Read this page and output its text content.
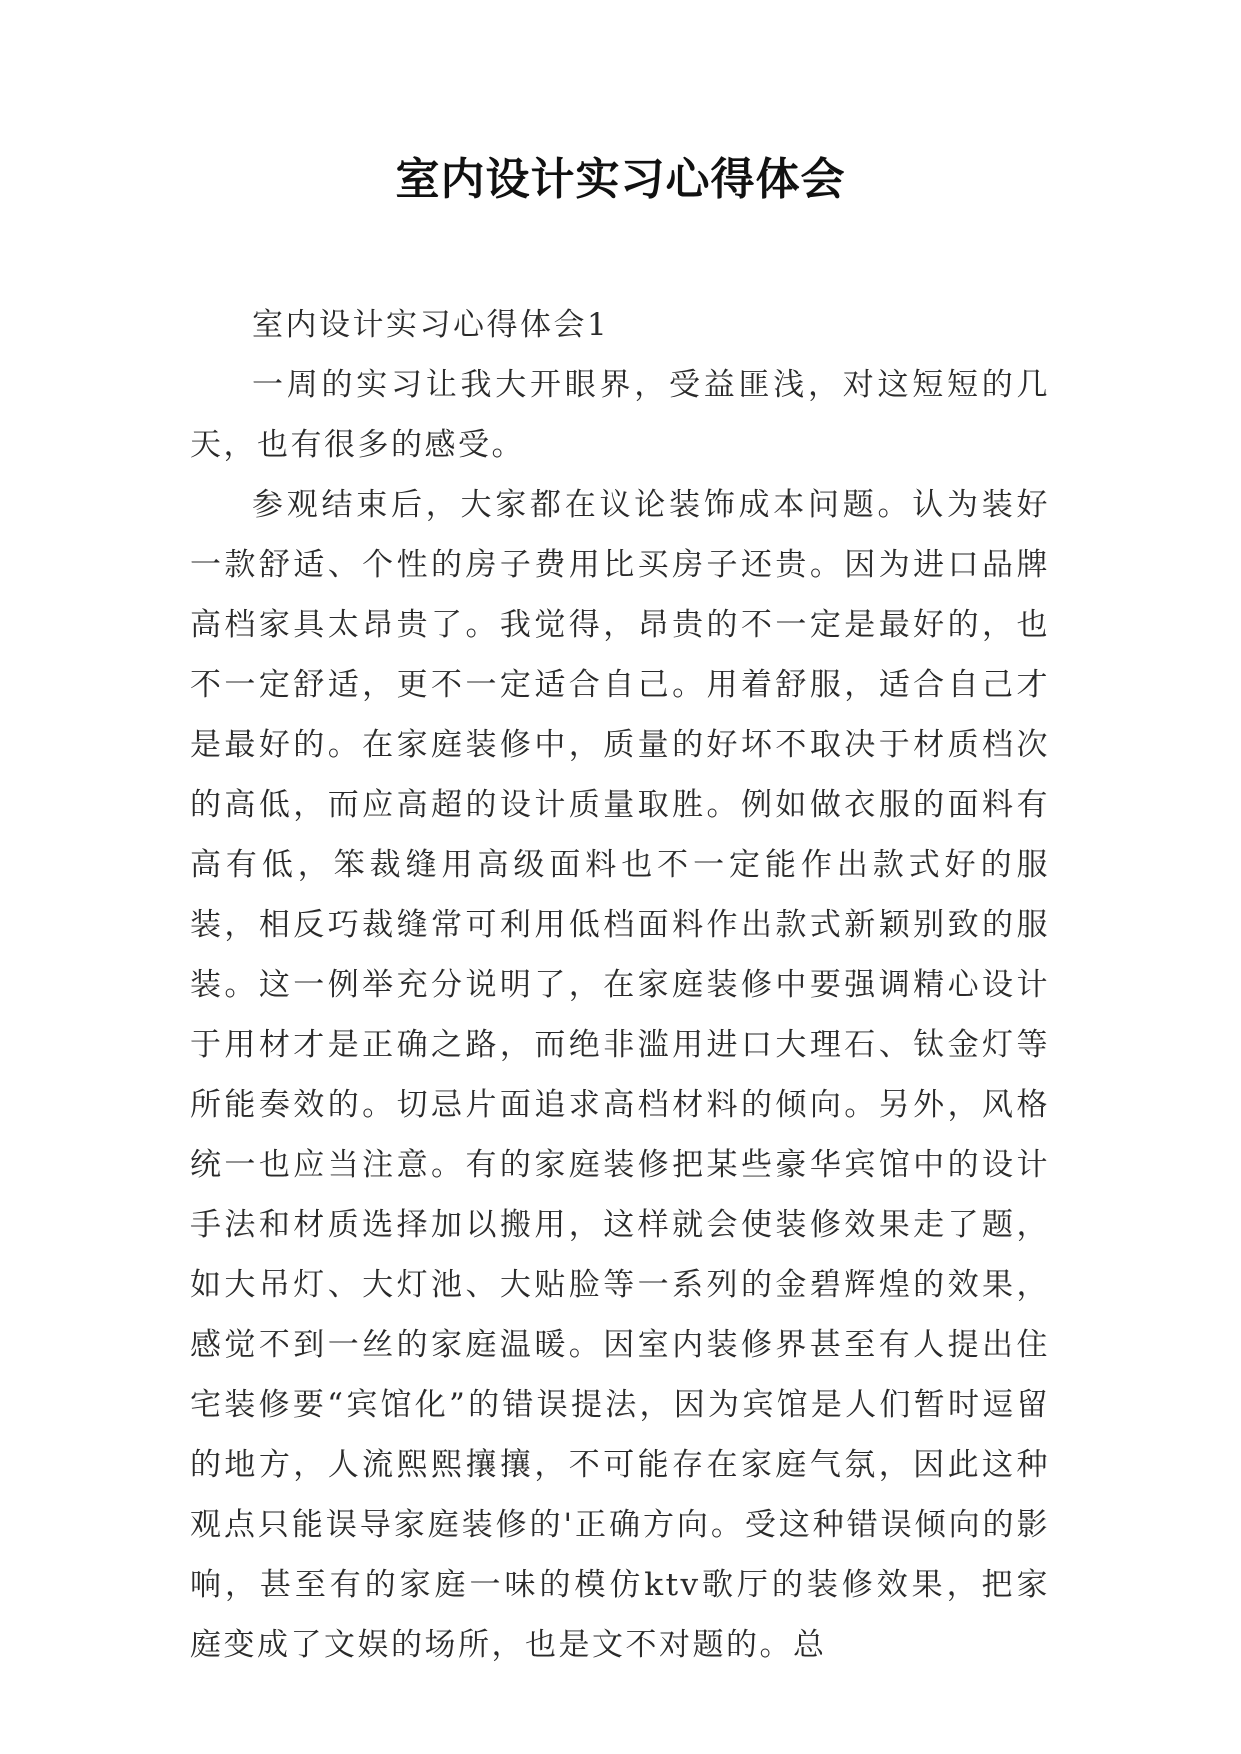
室内设计实习心得体会

室内设计实习心得体会1

一周的实习让我大开眼界，受益匪浅，对这短短的几天，也有很多的感受。

参观结束后，大家都在议论装饰成本问题。认为装好一款舒适、个性的房子费用比买房子还贵。因为进口品牌高档家具太昂贵了。我觉得，昂贵的不一定是最好的，也不一定舒适，更不一定适合自己。用着舒服，适合自己才是最好的。在家庭装修中，质量的好坏不取决于材质档次的高低，而应高超的设计质量取胜。例如做衣服的面料有高有低，笨裁缝用高级面料也不一定能作出款式好的服装，相反巧裁缝常可利用低档面料作出款式新颖别致的服装。这一例举充分说明了，在家庭装修中要强调精心设计于用材才是正确之路，而绝非滥用进口大理石、钛金灯等所能奏效的。切忌片面追求高档材料的倾向。另外，风格统一也应当注意。有的家庭装修把某些豪华宾馆中的设计手法和材质选择加以搬用，这样就会使装修效果走了题，如大吊灯、大灯池、大贴脸等一系列的金碧辉煌的效果，感觉不到一丝的家庭温暖。因室内装修界甚至有人提出住宅装修要“宾馆化”的错误提法，因为宾馆是人们暂时逗留的地方，人流熙熙攘攘，不可能存在家庭气氛，因此这种观点只能误导家庭装修的'正确方向。受这种错误倾向的影响，甚至有的家庭一味的模仿ktv歌厅的装修效果，把家庭变成了文娱的场所，也是文不对题的。总
